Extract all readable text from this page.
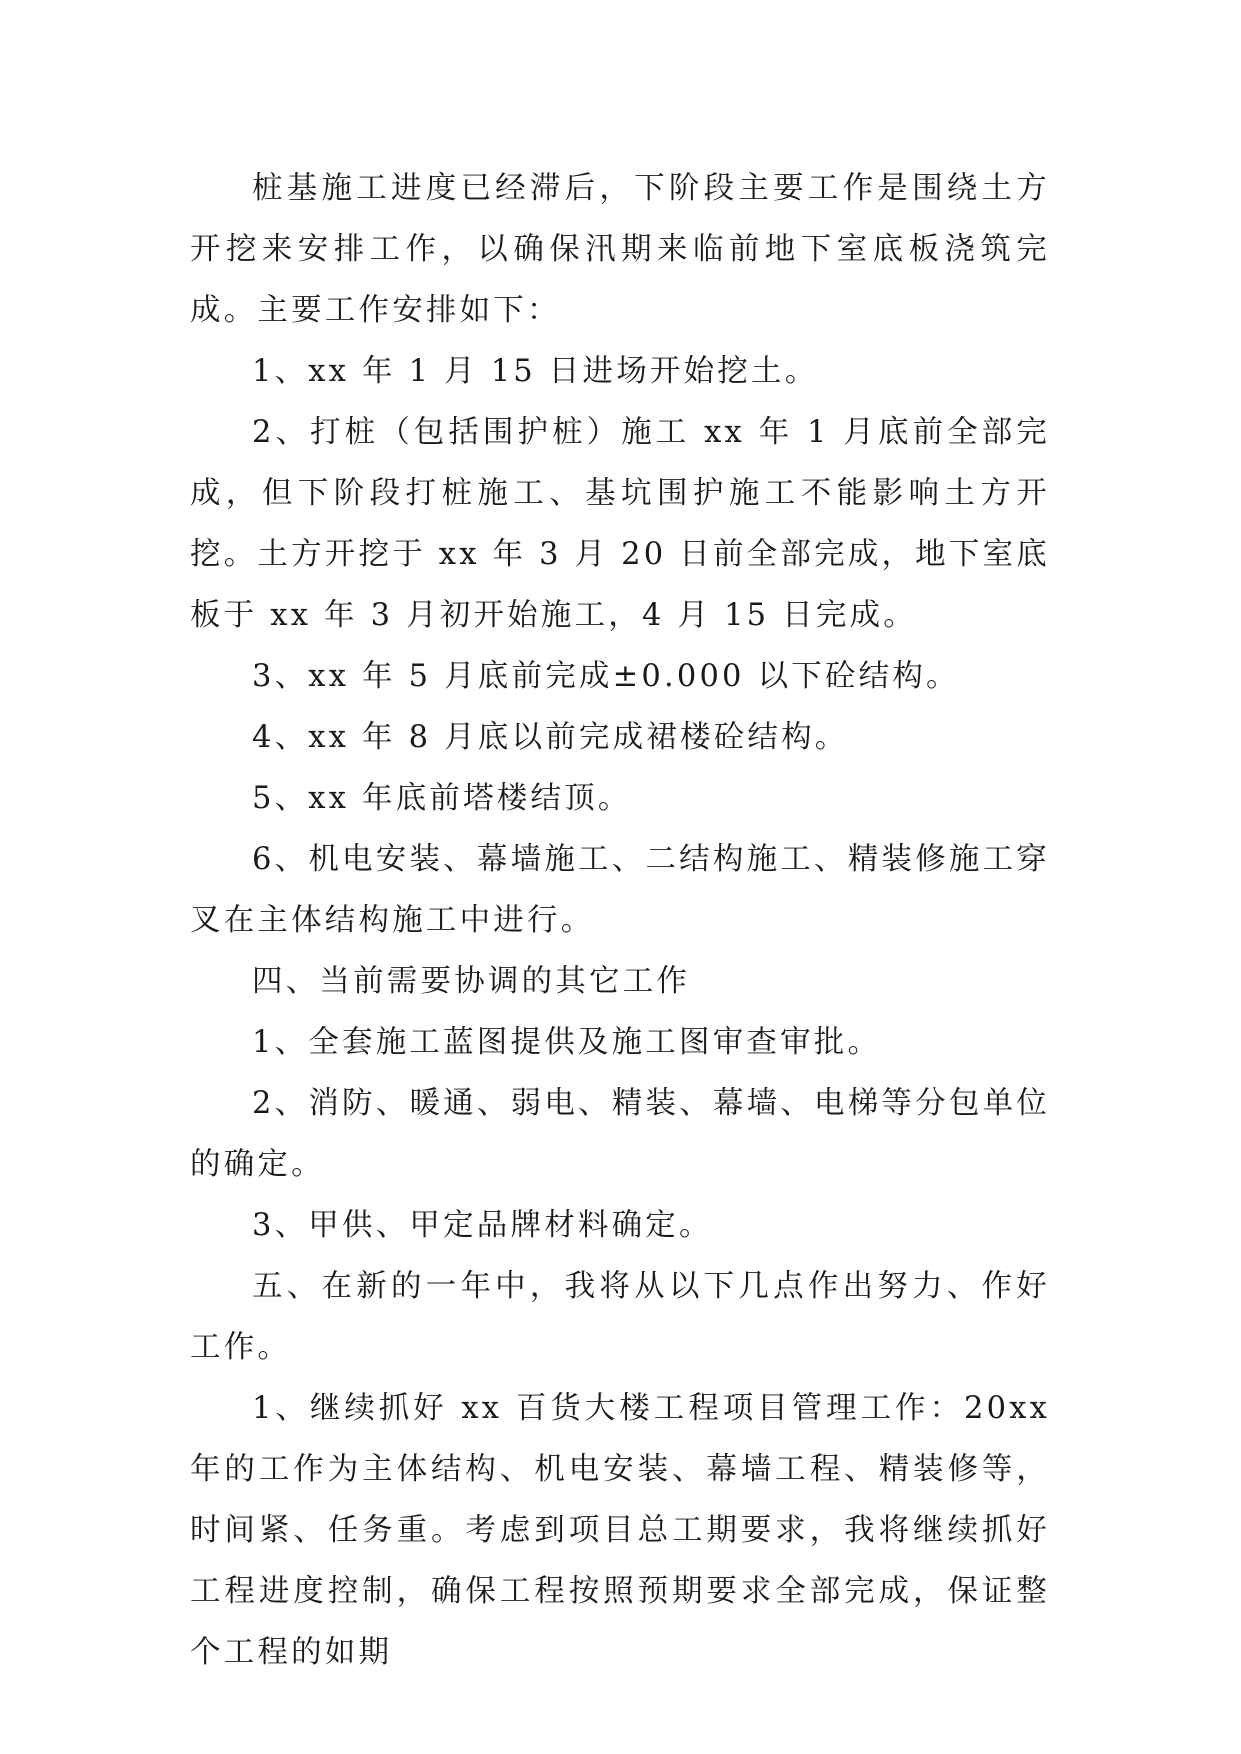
桩基施工进度已经滞后，下阶段主要工作是围绕土方开挖来安排工作，以确保汛期来临前地下室底板浇筑完成。主要工作安排如下：

1、xx 年 1 月 15 日进场开始挖土。

2、打桩（包括围护桩）施工 xx 年 1 月底前全部完成，但下阶段打桩施工、基坑围护施工不能影响土方开挖。土方开挖于 xx 年 3 月 20 日前全部完成，地下室底板于 xx 年 3 月初开始施工，4 月 15 日完成。

3、xx 年 5 月底前完成±0.000 以下砼结构。

4、xx 年 8 月底以前完成裙楼砼结构。

5、xx 年底前塔楼结顶。

6、机电安装、幕墙施工、二结构施工、精装修施工穿叉在主体结构施工中进行。

四、当前需要协调的其它工作

1、全套施工蓝图提供及施工图审查审批。

2、消防、暖通、弱电、精装、幕墙、电梯等分包单位的确定。

3、甲供、甲定品牌材料确定。

五、在新的一年中，我将从以下几点作出努力、作好工作。

1、继续抓好 xx 百货大楼工程项目管理工作：20xx 年的工作为主体结构、机电安装、幕墙工程、精装修等，时间紧、任务重。考虑到项目总工期要求，我将继续抓好工程进度控制，确保工程按照预期要求全部完成，保证整个工程的如期
